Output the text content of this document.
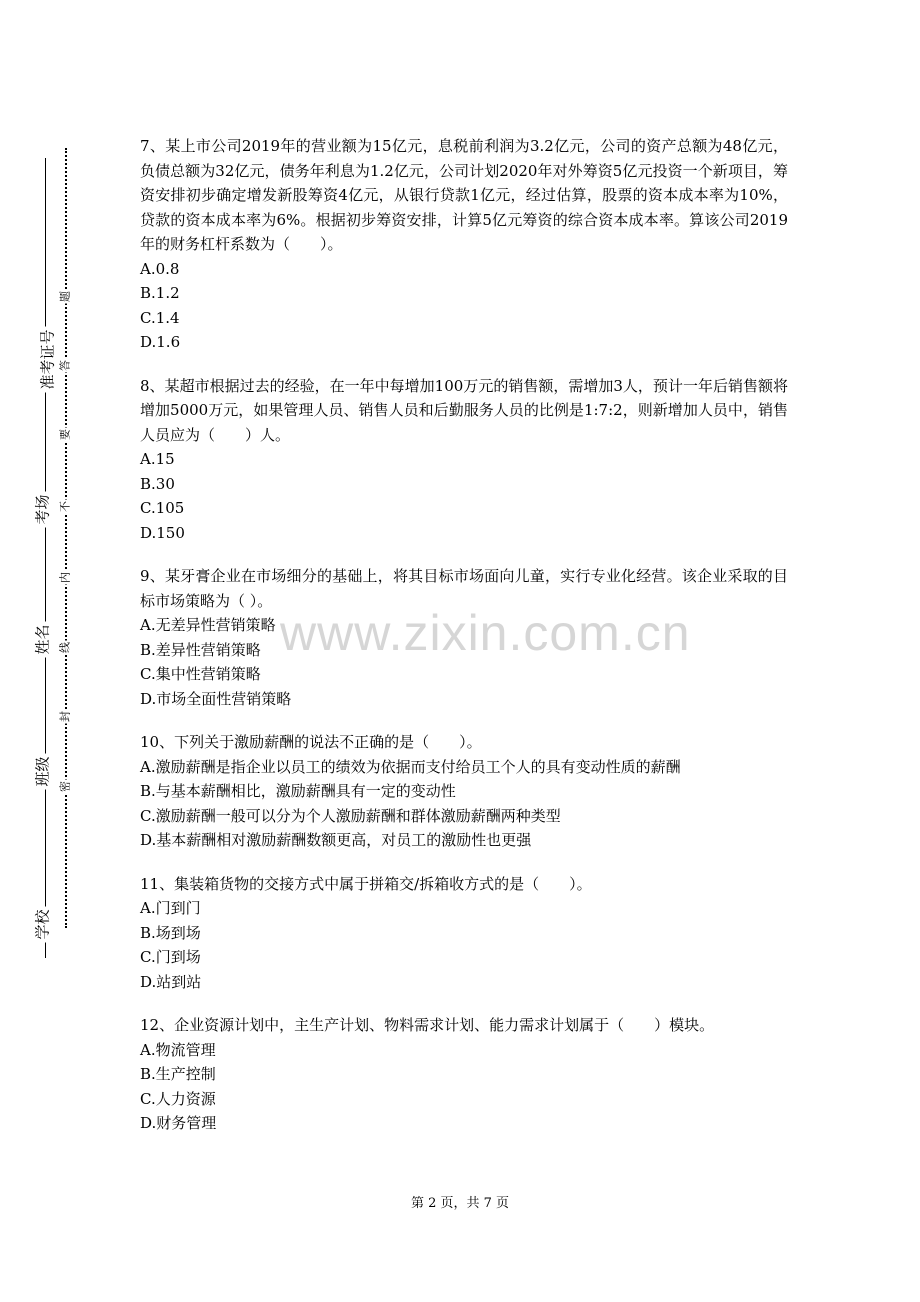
准考证号
考场
姓名
班级
学校
题
答
要
不
内
线
封
密
7、某上市公司2019年的营业额为15亿元，息税前利润为3.2亿元，公司的资产总额为48亿元，负债总额为32亿元，债务年利息为1.2亿元，公司计划2020年对外筹资5亿元投资一个新项目，筹资安排初步确定增发新股筹资4亿元，从银行贷款1亿元，经过估算，股票的资本成本率为10%，贷款的资本成本率为6%。根据初步筹资安排，计算5亿元筹资的综合资本成本率。算该公司2019年的财务杠杆系数为（　　）。
A.0.8
B.1.2
C.1.4
D.1.6
8、某超市根据过去的经验，在一年中每增加100万元的销售额，需增加3人，预计一年后销售额将增加5000万元，如果管理人员、销售人员和后勤服务人员的比例是1:7:2，则新增加人员中，销售人员应为（　　）人。
A.15
B.30
C.105
D.150
9、某牙膏企业在市场细分的基础上，将其目标市场面向儿童，实行专业化经营。该企业采取的目标市场策略为（ ）。
A.无差异性营销策略
B.差异性营销策略
C.集中性营销策略
D.市场全面性营销策略
10、下列关于激励薪酬的说法不正确的是（　　）。
A.激励薪酬是指企业以员工的绩效为依据而支付给员工个人的具有变动性质的薪酬
B.与基本薪酬相比，激励薪酬具有一定的变动性
C.激励薪酬一般可以分为个人激励薪酬和群体激励薪酬两种类型
D.基本薪酬相对激励薪酬数额更高，对员工的激励性也更强
11、集装箱货物的交接方式中属于拼箱交/拆箱收方式的是（　　）。
A.门到门
B.场到场
C.门到场
D.站到站
12、企业资源计划中，主生产计划、物料需求计划、能力需求计划属于（　　）模块。
A.物流管理
B.生产控制
C.人力资源
D.财务管理
www.zixin.com.cn
第 2 页，共 7 页
